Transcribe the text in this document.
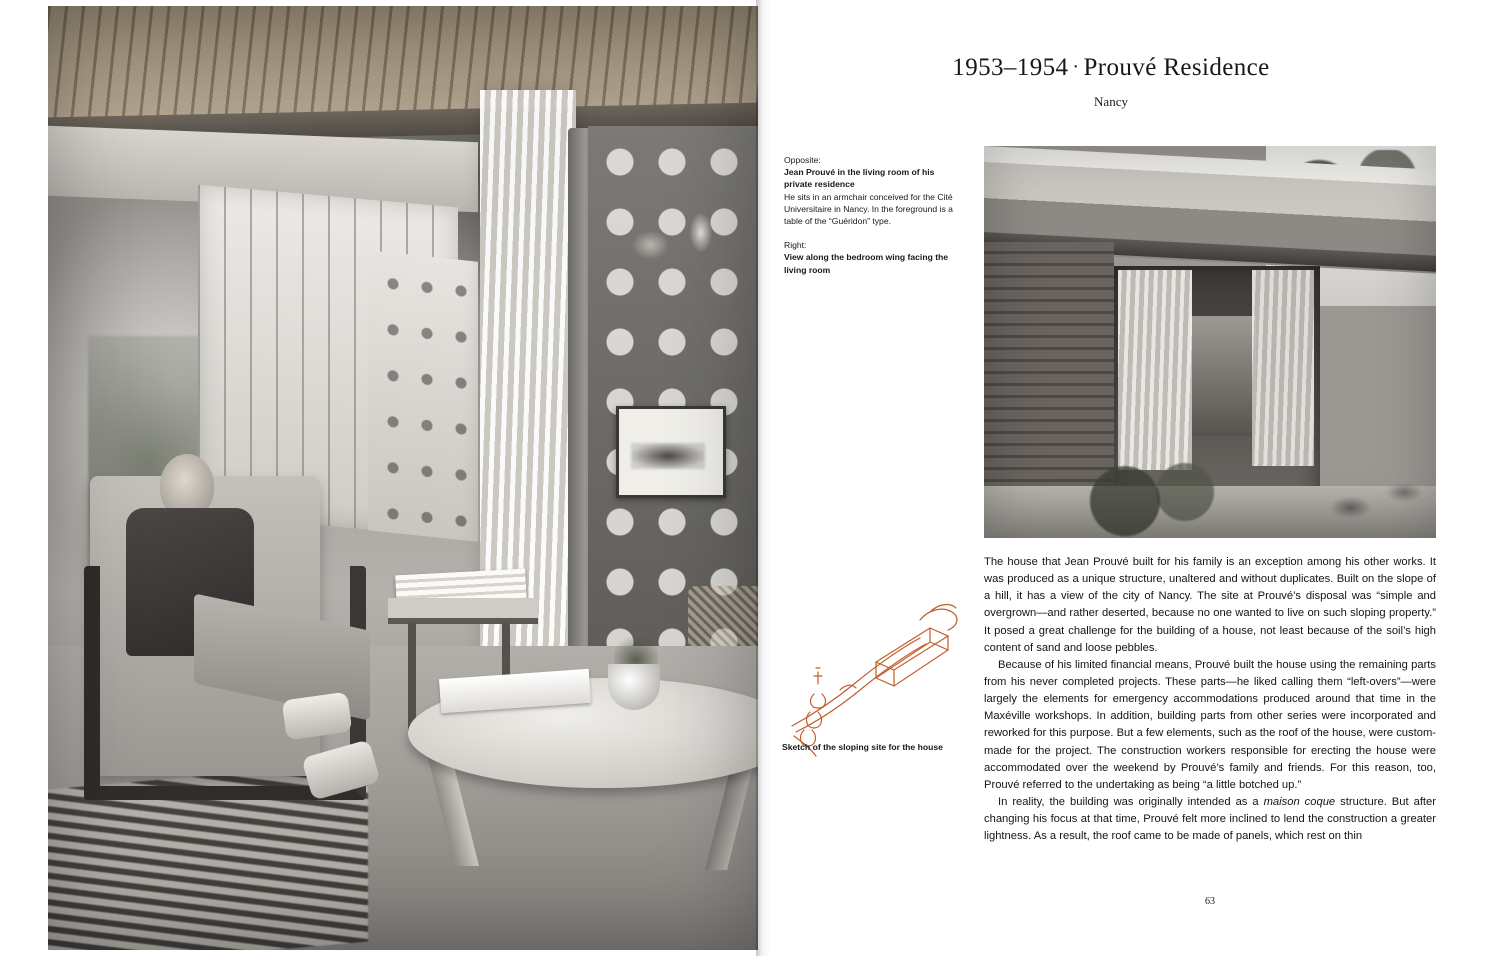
1953–1954 · Prouvé Residence
Nancy
Opposite:
Jean Prouvé in the living room of his private residence
He sits in an armchair conceived for the Cité Universitaire in Nancy. In the foreground is a table of the “Guéridon” type.
Right:
View along the bedroom wing facing the living room
Sketch of the sloping site for the house

The house that Jean Prouvé built for his family is an exception among his other works. It was produced as a unique structure, unaltered and without duplicates. Built on the slope of a hill, it has a view of the city of Nancy. The site at Prouvé’s disposal was “simple and overgrown—and rather deserted, because no one wanted to live on such sloping property.” It posed a great challenge for the building of a house, not least because of the soil’s high content of sand and loose pebbles.

Because of his limited financial means, Prouvé built the house using the remaining parts from his never completed projects. These parts—he liked calling them “left-overs”—were largely the elements for emergency accommodations produced around that time in the Maxéville workshops. In addition, building parts from other series were incorporated and reworked for this purpose. But a few elements, such as the roof of the house, were custom-made for the project. The construction workers responsible for erecting the house were accommodated over the weekend by Prouvé’s family and friends. For this reason, too, Prouvé referred to the undertaking as being “a little botched up.”

In reality, the building was originally intended as a maison coque structure. But after changing his focus at that time, Prouvé felt more inclined to lend the construction a greater lightness. As a result, the roof came to be made of panels, which rest on thin

63
